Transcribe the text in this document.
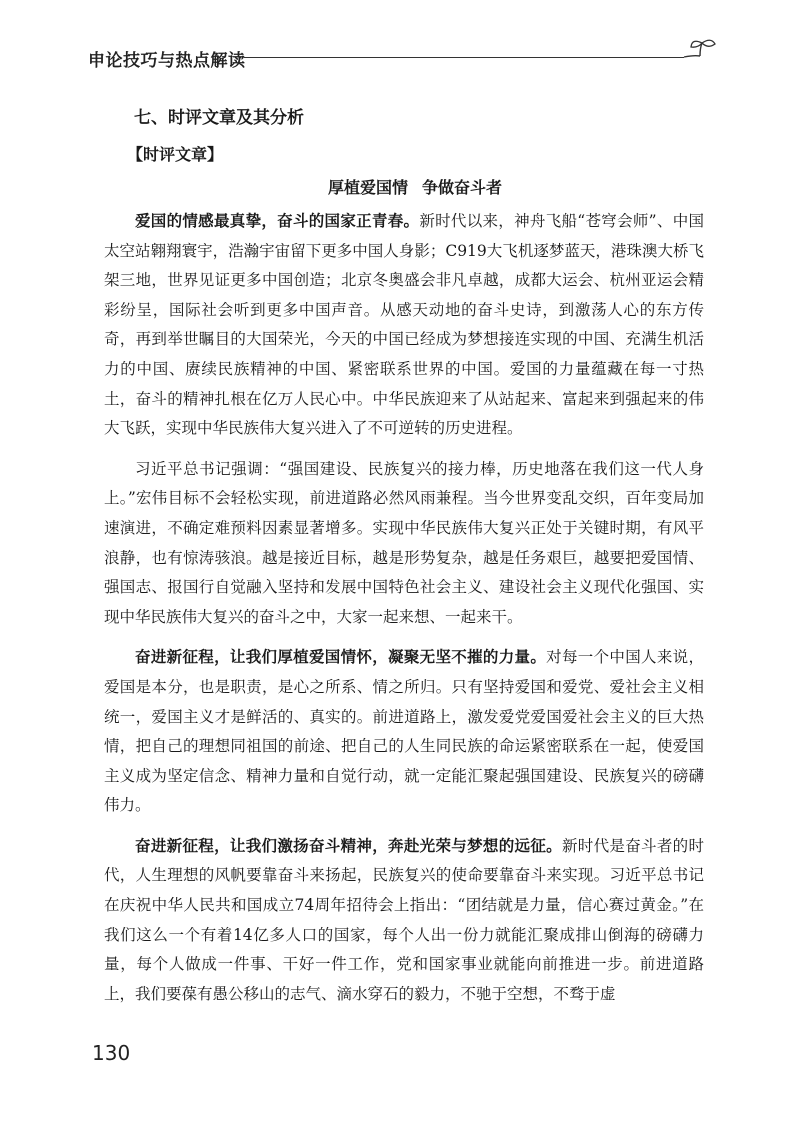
申论技巧与热点解读
七、时评文章及其分析
【时评文章】
厚植爱国情 争做奋斗者

爱国的情感最真挚，奋斗的国家正青春。新时代以来，神舟飞船“苍穹会师”、中国太空站翱翔寰宇，浩瀚宇宙留下更多中国人身影；C919大飞机逐梦蓝天，港珠澳大桥飞架三地，世界见证更多中国创造；北京冬奥盛会非凡卓越，成都大运会、杭州亚运会精彩纷呈，国际社会听到更多中国声音。从感天动地的奋斗史诗，到激荡人心的东方传奇，再到举世瞩目的大国荣光，今天的中国已经成为梦想接连实现的中国、充满生机活力的中国、赓续民族精神的中国、紧密联系世界的中国。爱国的力量蕴藏在每一寸热土，奋斗的精神扎根在亿万人民心中。中华民族迎来了从站起来、富起来到强起来的伟大飞跃，实现中华民族伟大复兴进入了不可逆转的历史进程。

习近平总书记强调：“强国建设、民族复兴的接力棒，历史地落在我们这一代人身上。”宏伟目标不会轻松实现，前进道路必然风雨兼程。当今世界变乱交织，百年变局加速演进，不确定难预料因素显著增多。实现中华民族伟大复兴正处于关键时期，有风平浪静，也有惊涛骇浪。越是接近目标，越是形势复杂，越是任务艰巨，越要把爱国情、强国志、报国行自觉融入坚持和发展中国特色社会主义、建设社会主义现代化强国、实现中华民族伟大复兴的奋斗之中，大家一起来想、一起来干。

奋进新征程，让我们厚植爱国情怀，凝聚无坚不摧的力量。对每一个中国人来说，爱国是本分，也是职责，是心之所系、情之所归。只有坚持爱国和爱党、爱社会主义相统一，爱国主义才是鲜活的、真实的。前进道路上，激发爱党爱国爱社会主义的巨大热情，把自己的理想同祖国的前途、把自己的人生同民族的命运紧密联系在一起，使爱国主义成为坚定信念、精神力量和自觉行动，就一定能汇聚起强国建设、民族复兴的磅礴伟力。

奋进新征程，让我们激扬奋斗精神，奔赴光荣与梦想的远征。新时代是奋斗者的时代，人生理想的风帆要靠奋斗来扬起，民族复兴的使命要靠奋斗来实现。习近平总书记在庆祝中华人民共和国成立74周年招待会上指出：“团结就是力量，信心赛过黄金。”在我们这么一个有着14亿多人口的国家，每个人出一份力就能汇聚成排山倒海的磅礴力量，每个人做成一件事、干好一件工作，党和国家事业就能向前推进一步。前进道路上，我们要葆有愚公移山的志气、滴水穿石的毅力，不驰于空想，不骛于虚

130
